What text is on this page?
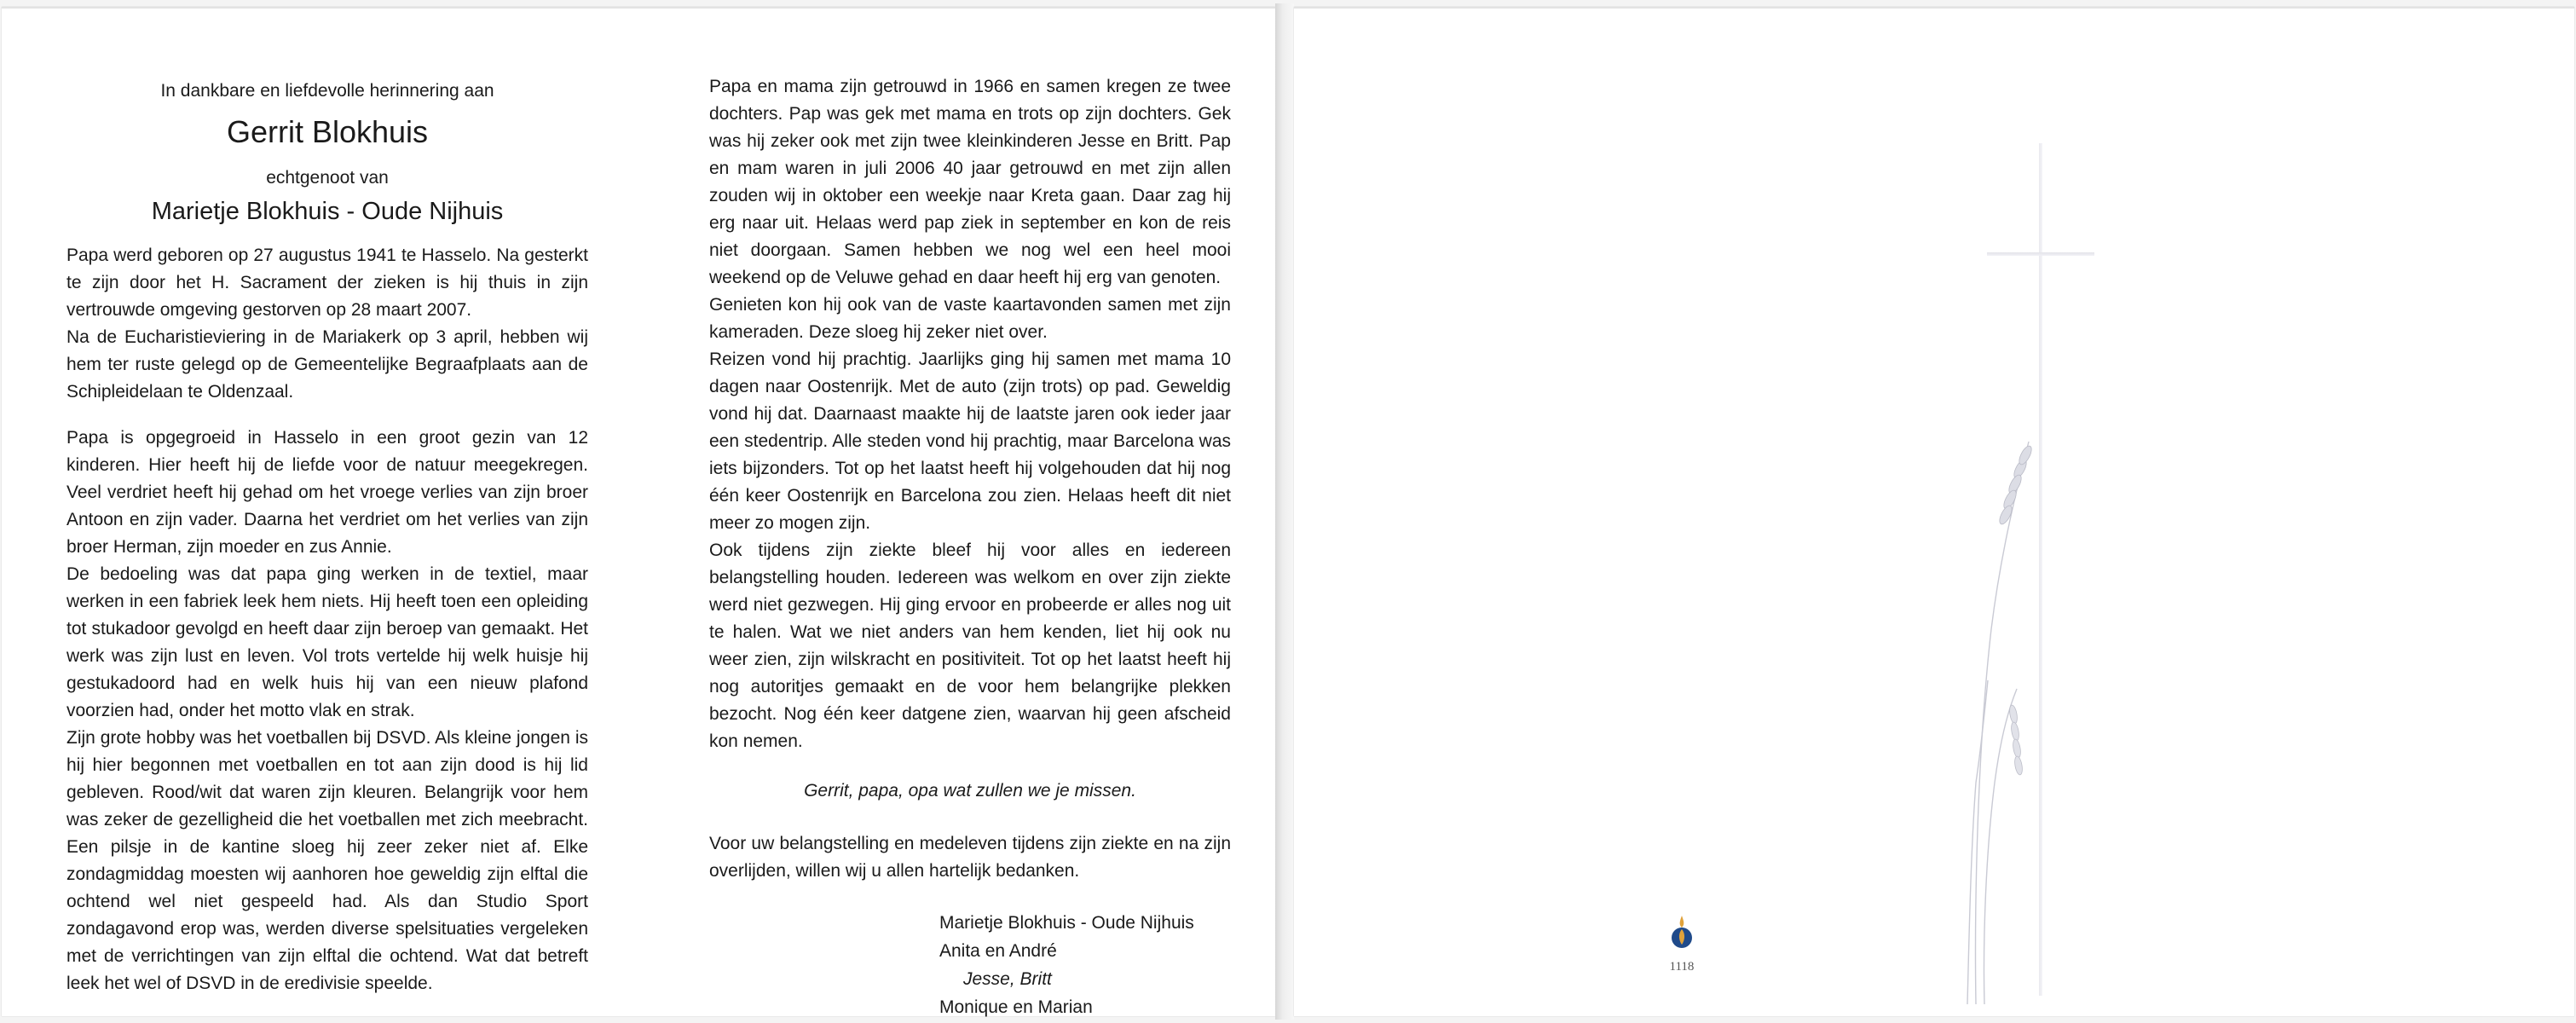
In dankbare en liefdevolle herinnering aan
Gerrit Blokhuis
echtgenoot van
Marietje Blokhuis - Oude Nijhuis

Papa werd geboren op 27 augustus 1941 te Hasselo. Na gesterkt te zijn door het H. Sacrament der zieken is hij thuis in zijn vertrouwde omgeving gestorven op 28 maart 2007.

Na de Eucharistieviering in de Mariakerk op 3 april, hebben wij hem ter ruste gelegd op de Gemeentelijke Begraafplaats aan de Schipleidelaan te Oldenzaal.

Papa is opgegroeid in Hasselo in een groot gezin van 12 kinderen. Hier heeft hij de liefde voor de natuur meegekregen. Veel verdriet heeft hij gehad om het vroege verlies van zijn broer Antoon en zijn vader. Daarna het verdriet om het verlies van zijn broer Herman, zijn moeder en zus Annie.

De bedoeling was dat papa ging werken in de textiel, maar werken in een fabriek leek hem niets. Hij heeft toen een opleiding tot stukadoor gevolgd en heeft daar zijn beroep van gemaakt. Het werk was zijn lust en leven. Vol trots vertelde hij welk huisje hij gestukadoord had en welk huis hij van een nieuw plafond voorzien had, onder het motto vlak en strak.

Zijn grote hobby was het voetballen bij DSVD. Als kleine jongen is hij hier begonnen met voetballen en tot aan zijn dood is hij lid gebleven. Rood/wit dat waren zijn kleuren. Belangrijk voor hem was zeker de gezelligheid die het voetballen met zich meebracht. Een pilsje in de kantine sloeg hij zeer zeker niet af. Elke zondagmiddag moesten wij aanhoren hoe geweldig zijn elftal die ochtend wel niet gespeeld had. Als dan Studio Sport zondagavond erop was, werden diverse spelsituaties vergeleken met de verrichtingen van zijn elftal die ochtend. Wat dat betreft leek het wel of DSVD in de eredivisie speelde.

Papa en mama zijn getrouwd in 1966 en samen kregen ze twee dochters. Pap was gek met mama en trots op zijn dochters. Gek was hij zeker ook met zijn twee kleinkinderen Jesse en Britt. Pap en mam waren in juli 2006 40 jaar getrouwd en met zijn allen zouden wij in oktober een weekje naar Kreta gaan. Daar zag hij erg naar uit. Helaas werd pap ziek in september en kon de reis niet doorgaan. Samen hebben we nog wel een heel mooi weekend op de Veluwe gehad en daar heeft hij erg van genoten.

Genieten kon hij ook van de vaste kaartavonden samen met zijn kameraden. Deze sloeg hij zeker niet over.

Reizen vond hij prachtig. Jaarlijks ging hij samen met mama 10 dagen naar Oostenrijk. Met de auto (zijn trots) op pad. Geweldig vond hij dat. Daarnaast maakte hij de laatste jaren ook ieder jaar een stedentrip. Alle steden vond hij prachtig, maar Barcelona was iets bijzonders. Tot op het laatst heeft hij volgehouden dat hij nog één keer Oostenrijk en Barcelona zou zien. Helaas heeft dit niet meer zo mogen zijn.

Ook tijdens zijn ziekte bleef hij voor alles en iedereen belangstelling houden. Iedereen was welkom en over zijn ziekte werd niet gezwegen. Hij ging ervoor en probeerde er alles nog uit te halen. Wat we niet anders van hem kenden, liet hij ook nu weer zien, zijn wilskracht en positiviteit. Tot op het laatst heeft hij nog autoritjes gemaakt en de voor hem belangrijke plekken bezocht. Nog één keer datgene zien, waarvan hij geen afscheid kon nemen.

Gerrit, papa, opa wat zullen we je missen.

Voor uw belangstelling en medeleven tijdens zijn ziekte en na zijn overlijden, willen wij u allen hartelijk bedanken.

Marietje Blokhuis - Oude Nijhuis
Anita en André
Jesse, Britt
Monique en Marian
1118
